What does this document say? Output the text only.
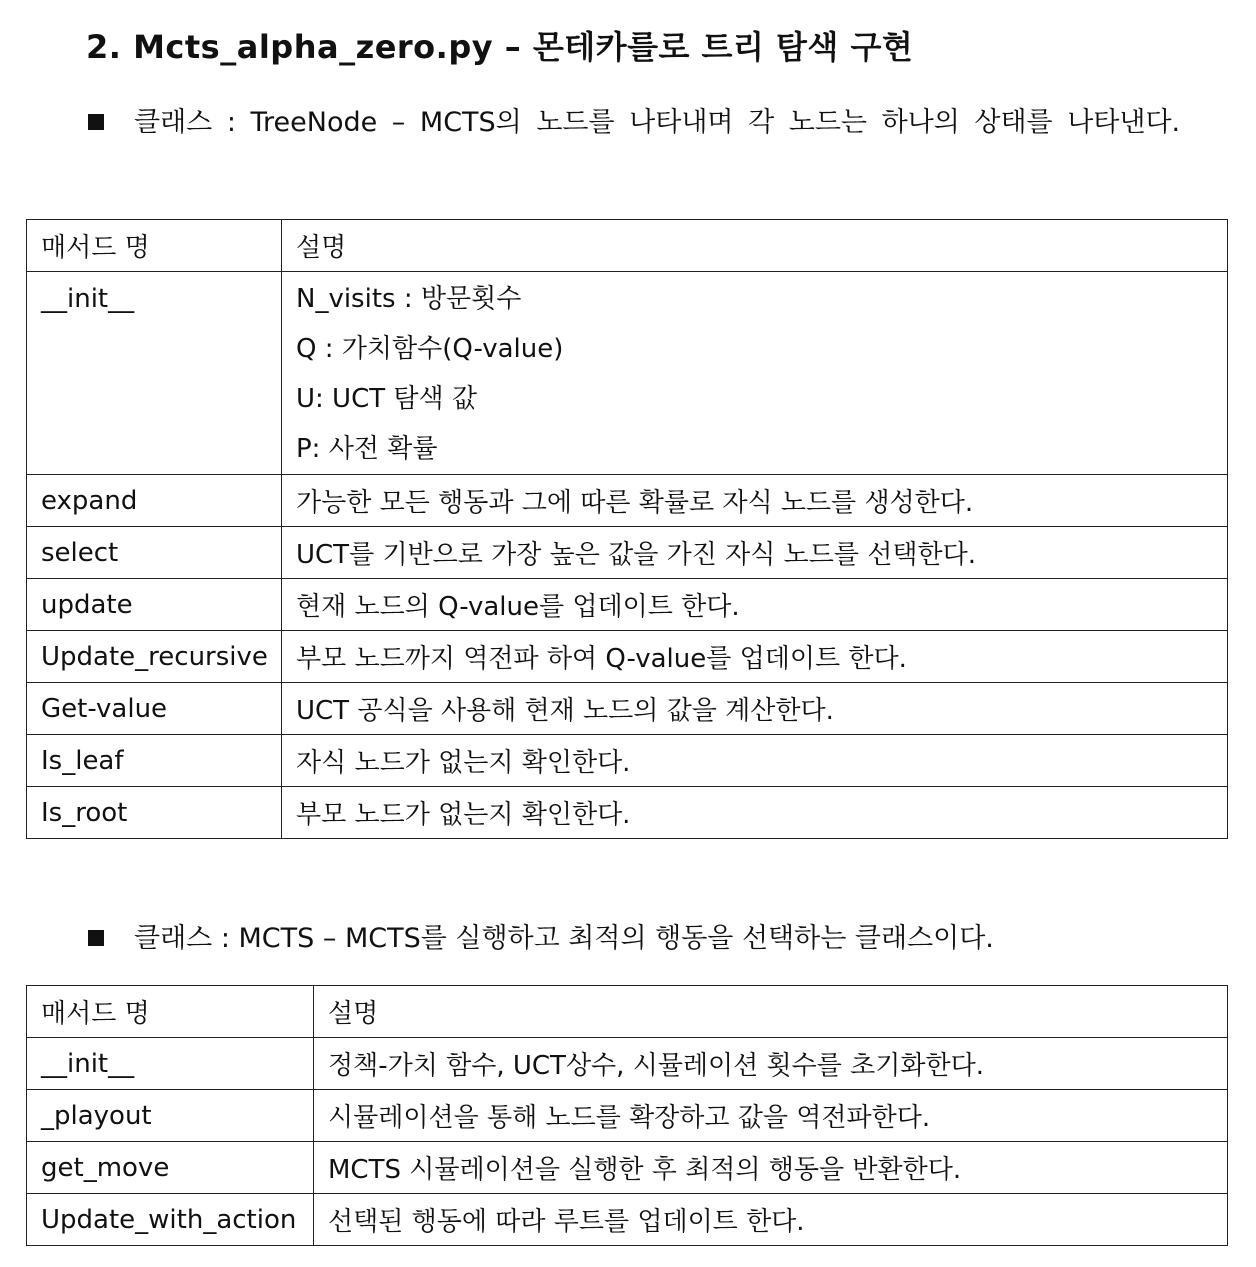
2. Mcts_alpha_zero.py – 몬테카를로 트리 탐색 구현
클래스 : TreeNode – MCTS의 노드를 나타내며 각 노드는 하나의 상태를 나타낸다.
매서드 명	설명
__init__	N_visits : 방문횟수
Q : 가치함수(Q-value)
U: UCT 탐색 값
P: 사전 확률

expand	가능한 모든 행동과 그에 따른 확률로 자식 노드를 생성한다.
select	UCT를 기반으로 가장 높은 값을 가진 자식 노드를 선택한다.
update	현재 노드의 Q-value를 업데이트 한다.
Update_recursive	부모 노드까지 역전파 하여 Q-value를 업데이트 한다.
Get-value	UCT 공식을 사용해 현재 노드의 값을 계산한다.
Is_leaf	자식 노드가 없는지 확인한다.
Is_root	부모 노드가 없는지 확인한다.
클래스 : MCTS – MCTS를 실행하고 최적의 행동을 선택하는 클래스이다.
매서드 명	설명
__init__	정책-가치 함수, UCT상수, 시뮬레이션 횟수를 초기화한다.
_playout	시뮬레이션을 통해 노드를 확장하고 값을 역전파한다.
get_move	MCTS 시뮬레이션을 실행한 후 최적의 행동을 반환한다.
Update_with_action	선택된 행동에 따라 루트를 업데이트 한다.
